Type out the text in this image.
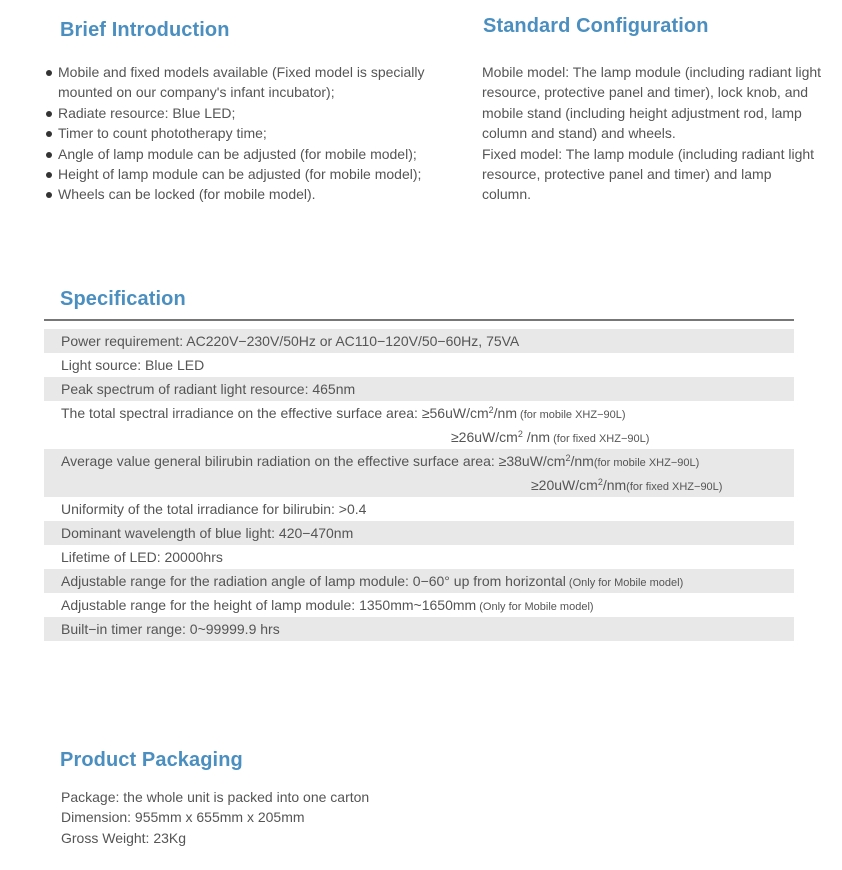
Brief Introduction
Mobile and fixed models available (Fixed model is specially mounted on our company's infant incubator);
Radiate resource: Blue LED;
Timer to count phototherapy time;
Angle of lamp module can be adjusted (for mobile model);
Height of lamp module can be adjusted (for mobile model);
Wheels can be locked (for mobile model).
Standard Configuration

Mobile model: The lamp module (including radiant light resource, protective panel and timer), lock knob, and mobile stand (including height adjustment rod, lamp column and stand) and wheels.

Fixed model: The lamp module (including radiant light resource, protective panel and timer) and lamp column.

Specification
Power requirement: AC220V−230V/50Hz or AC110−120V/50−60Hz, 75VA
Light source: Blue LED
Peak spectrum of radiant light resource: 465nm
The total spectral irradiance on the effective surface area: $\ge 56uW/cm^2/nm$ (for mobile XHZ−90L)
$\ge 26uW/cm^2$ /nm (for fixed XHZ−90L)
Average value general bilirubin radiation on the effective surface area: $\ge 38uW/cm^2/nm(for$ mobile XHZ−90L)
$\ge 20uW/cm^2/nm(for$ fixed XHZ−90L)
Uniformity of the total irradiance for bilirubin: >0.4
Dominant wavelength of blue light: 420−470nm
Lifetime of LED: 20000hrs
Adjustable range for the radiation angle of lamp module: 0−60° up from horizontal (Only for Mobile model)
Adjustable range for the height of lamp module: 1350mm~1650mm (Only for Mobile model)
Built−in timer range: 0~99999.9 hrs
Product Packaging

Package: the whole unit is packed into one carton

Dimension: 955mm x 655mm x 205mm

Gross Weight: 23Kg
